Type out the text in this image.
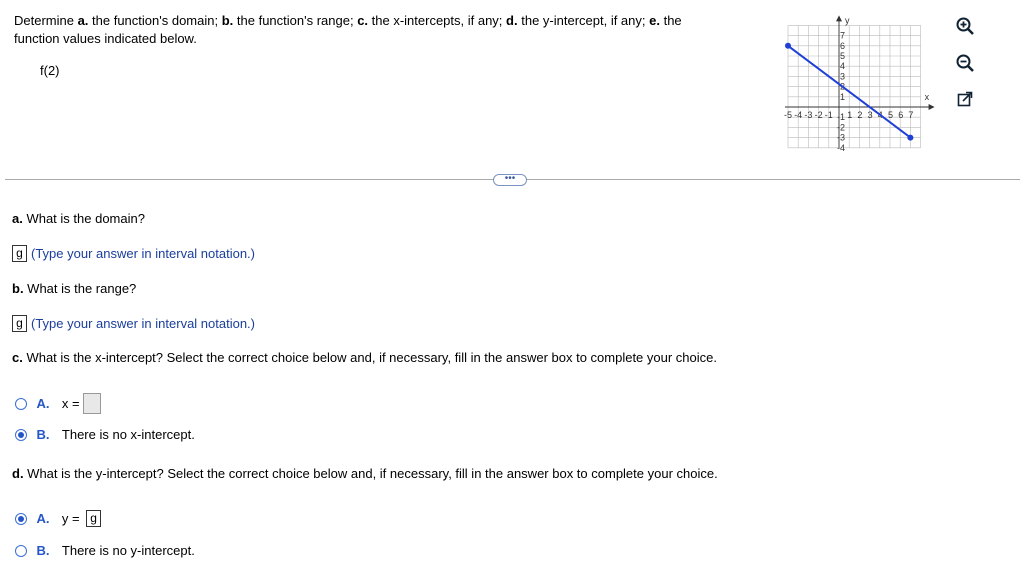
Determine a. the function's domain; b. the function's range; c. the x-intercepts, if any; d. the y-intercept, if any; e. the
function values indicated below.
f(2)
y
x
-5 -4 -3 -2 -1 1 2 3 5 6 7
7
6
5
4
3
1
-1
-2
-3
-4
•••
a. What is the domain?
g (Type your answer in interval notation.)
b. What is the range?
g (Type your answer in interval notation.)
c. What is the x-intercept? Select the correct choice below and, if necessary, fill in the answer box to complete your choice.
A. x =
B. There is no x-intercept.
d. What is the y-intercept? Select the correct choice below and, if necessary, fill in the answer box to complete your choice.
A. y = g
B. There is no y-intercept.
